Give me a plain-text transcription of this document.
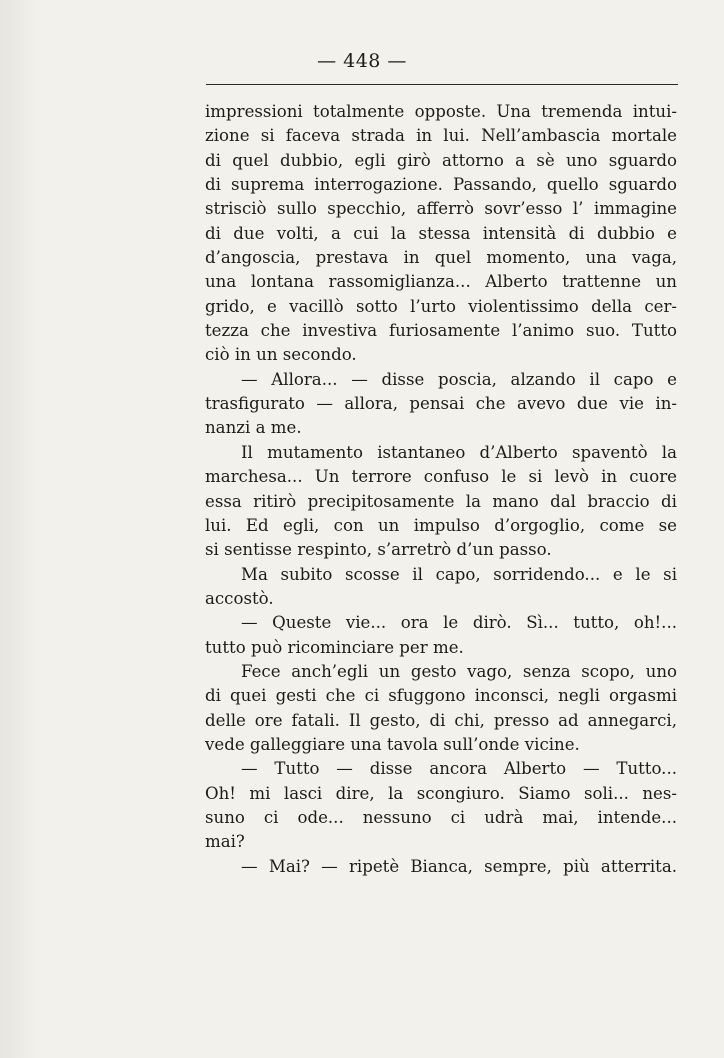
— 448 —
impressioni totalmente opposte. Una tremenda intui-
zione si faceva strada in lui. Nell’ambascia mortale
di quel dubbio, egli girò attorno a sè uno sguardo
di suprema interrogazione. Passando, quello sguardo
strisciò sullo specchio, afferrò sovr’esso l’ immagine
di due volti, a cui la stessa intensità di dubbio e
d’angoscia, prestava in quel momento, una vaga,
una lontana rassomiglianza... Alberto trattenne un
grido, e vacillò sotto l’urto violentissimo della cer-
tezza che investiva furiosamente l’animo suo. Tutto
ciò in un secondo.
— Allora... — disse poscia, alzando il capo e
trasfigurato — allora, pensai che avevo due vie in-
nanzi a me.
Il mutamento istantaneo d’Alberto spaventò la
marchesa... Un terrore confuso le si levò in cuore
essa ritirò precipitosamente la mano dal braccio di
lui. Ed egli, con un impulso d’orgoglio, come se
si sentisse respinto, s’arretrò d’un passo.
Ma subito scosse il capo, sorridendo... e le si
accostò.
— Queste vie... ora le dirò. Sì... tutto, oh!...
tutto può ricominciare per me.
Fece anch’egli un gesto vago, senza scopo, uno
di quei gesti che ci sfuggono inconsci, negli orgasmi
delle ore fatali. Il gesto, di chi, presso ad annegarci,
vede galleggiare una tavola sull’onde vicine.
— Tutto — disse ancora Alberto — Tutto...
Oh! mi lasci dire, la scongiuro. Siamo soli... nes-
suno ci ode... nessuno ci udrà mai, intende...
mai?
— Mai? — ripetè Bianca, sempre, più atterrita.
